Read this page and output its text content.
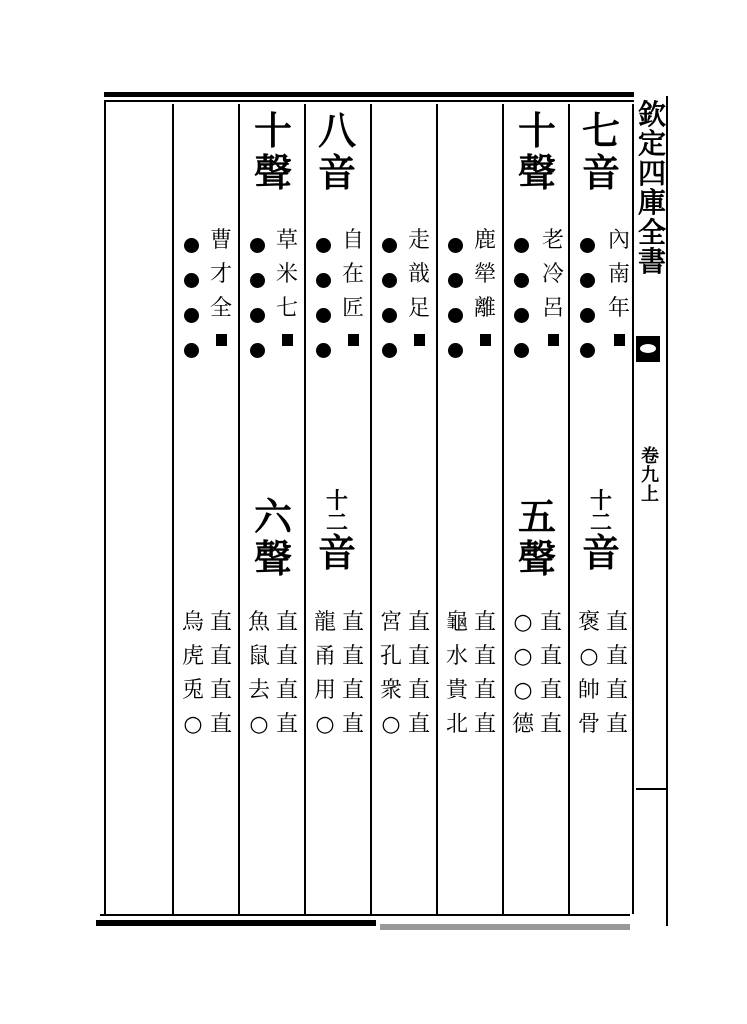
欽
定
四
庫
全
書
卷
九
上
七
音
內
南
年
十
二
音
直
直
直
直
褒
○
帥
骨
十
聲
老
冷
呂
五
聲
直
直
直
直
○
○
○
德
鹿
犖
離
直
直
直
直
龜
水
貴
北
走
戠
足
直
直
直
直
宮
孔
衆
○
八
音
自
在
匠
十
二
音
直
直
直
直
龍
甬
用
○
十
聲
草
米
七
六
聲
直
直
直
直
魚
鼠
去
○
曹
才
全
直
直
直
直
烏
虎
兎
○
